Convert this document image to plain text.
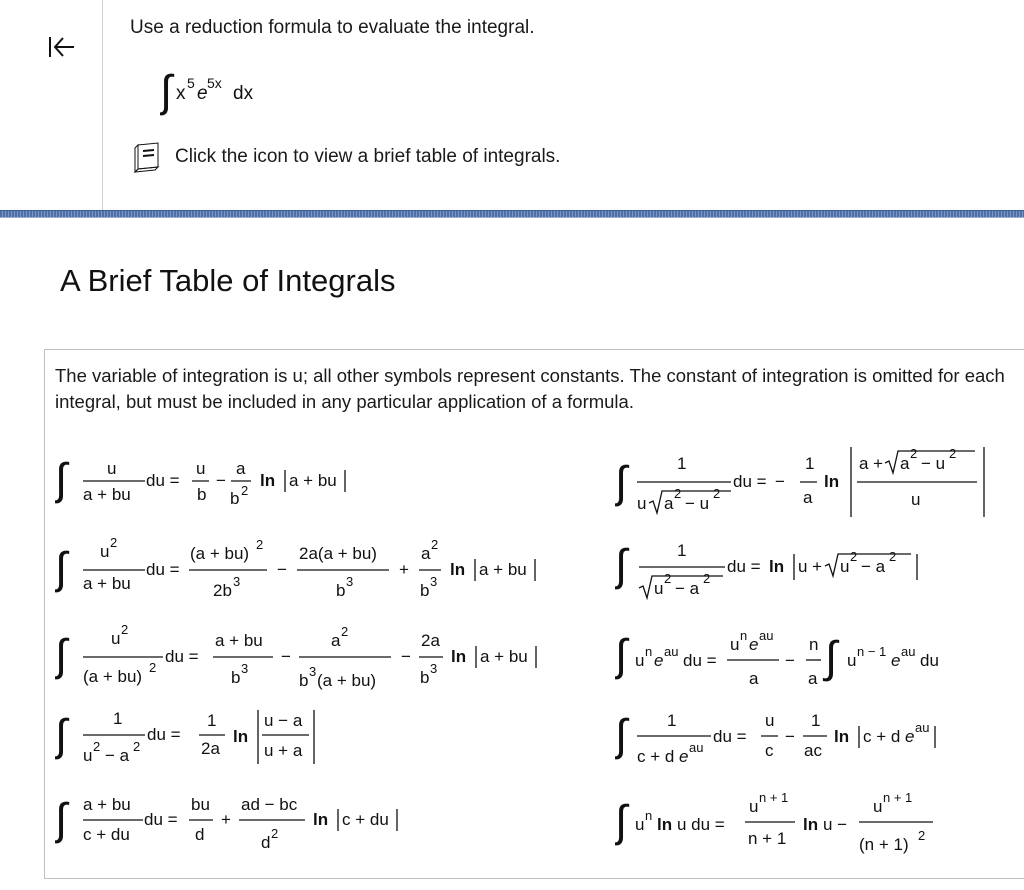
Use a reduction formula to evaluate the integral.
∫ x 5 e 5x dx
Click the icon to view a brief table of integrals.
A Brief Table of Integrals
The variable of integration is u; all other symbols represent constants. The constant of integration is omitted for each integral, but must be included in any particular application of a formula.
∫ u
a + bu
du =
u
b
−
a
b 2
ln a + bu
∫ u 2
a + bu
du =
(a + bu) 2
2b 3
−
2a(a + bu)
b 3
+
a 2
b 3
ln a + bu
∫	u 2
(a + bu) 2
du =
a + bu
b 3
−
a 2
b 3 (a + bu)
−
2a
b 3
ln a + bu
∫	1
u 2 − a 2
du =
1
2a
ln
u − a
u + a
∫ a + bu
c + du
du =
bu
d
+
ad − bc
d 2
ln c + du
∫	1
u a
2
− u
2
du = −
1
a
ln
a + a
2
− u
2
u
∫	1
u
2
− a
2
du = ln u + u
2
− a
2
∫ u n e au du =
u n e au
a
−
n
a ∫ u n − 1 e au du
∫ 1
c + d e au
du =
u
c
−
1
ac
ln c + d e au
∫ u n ln u du =
u n + 1
n + 1
ln u −
u n + 1
(n + 1) 2
